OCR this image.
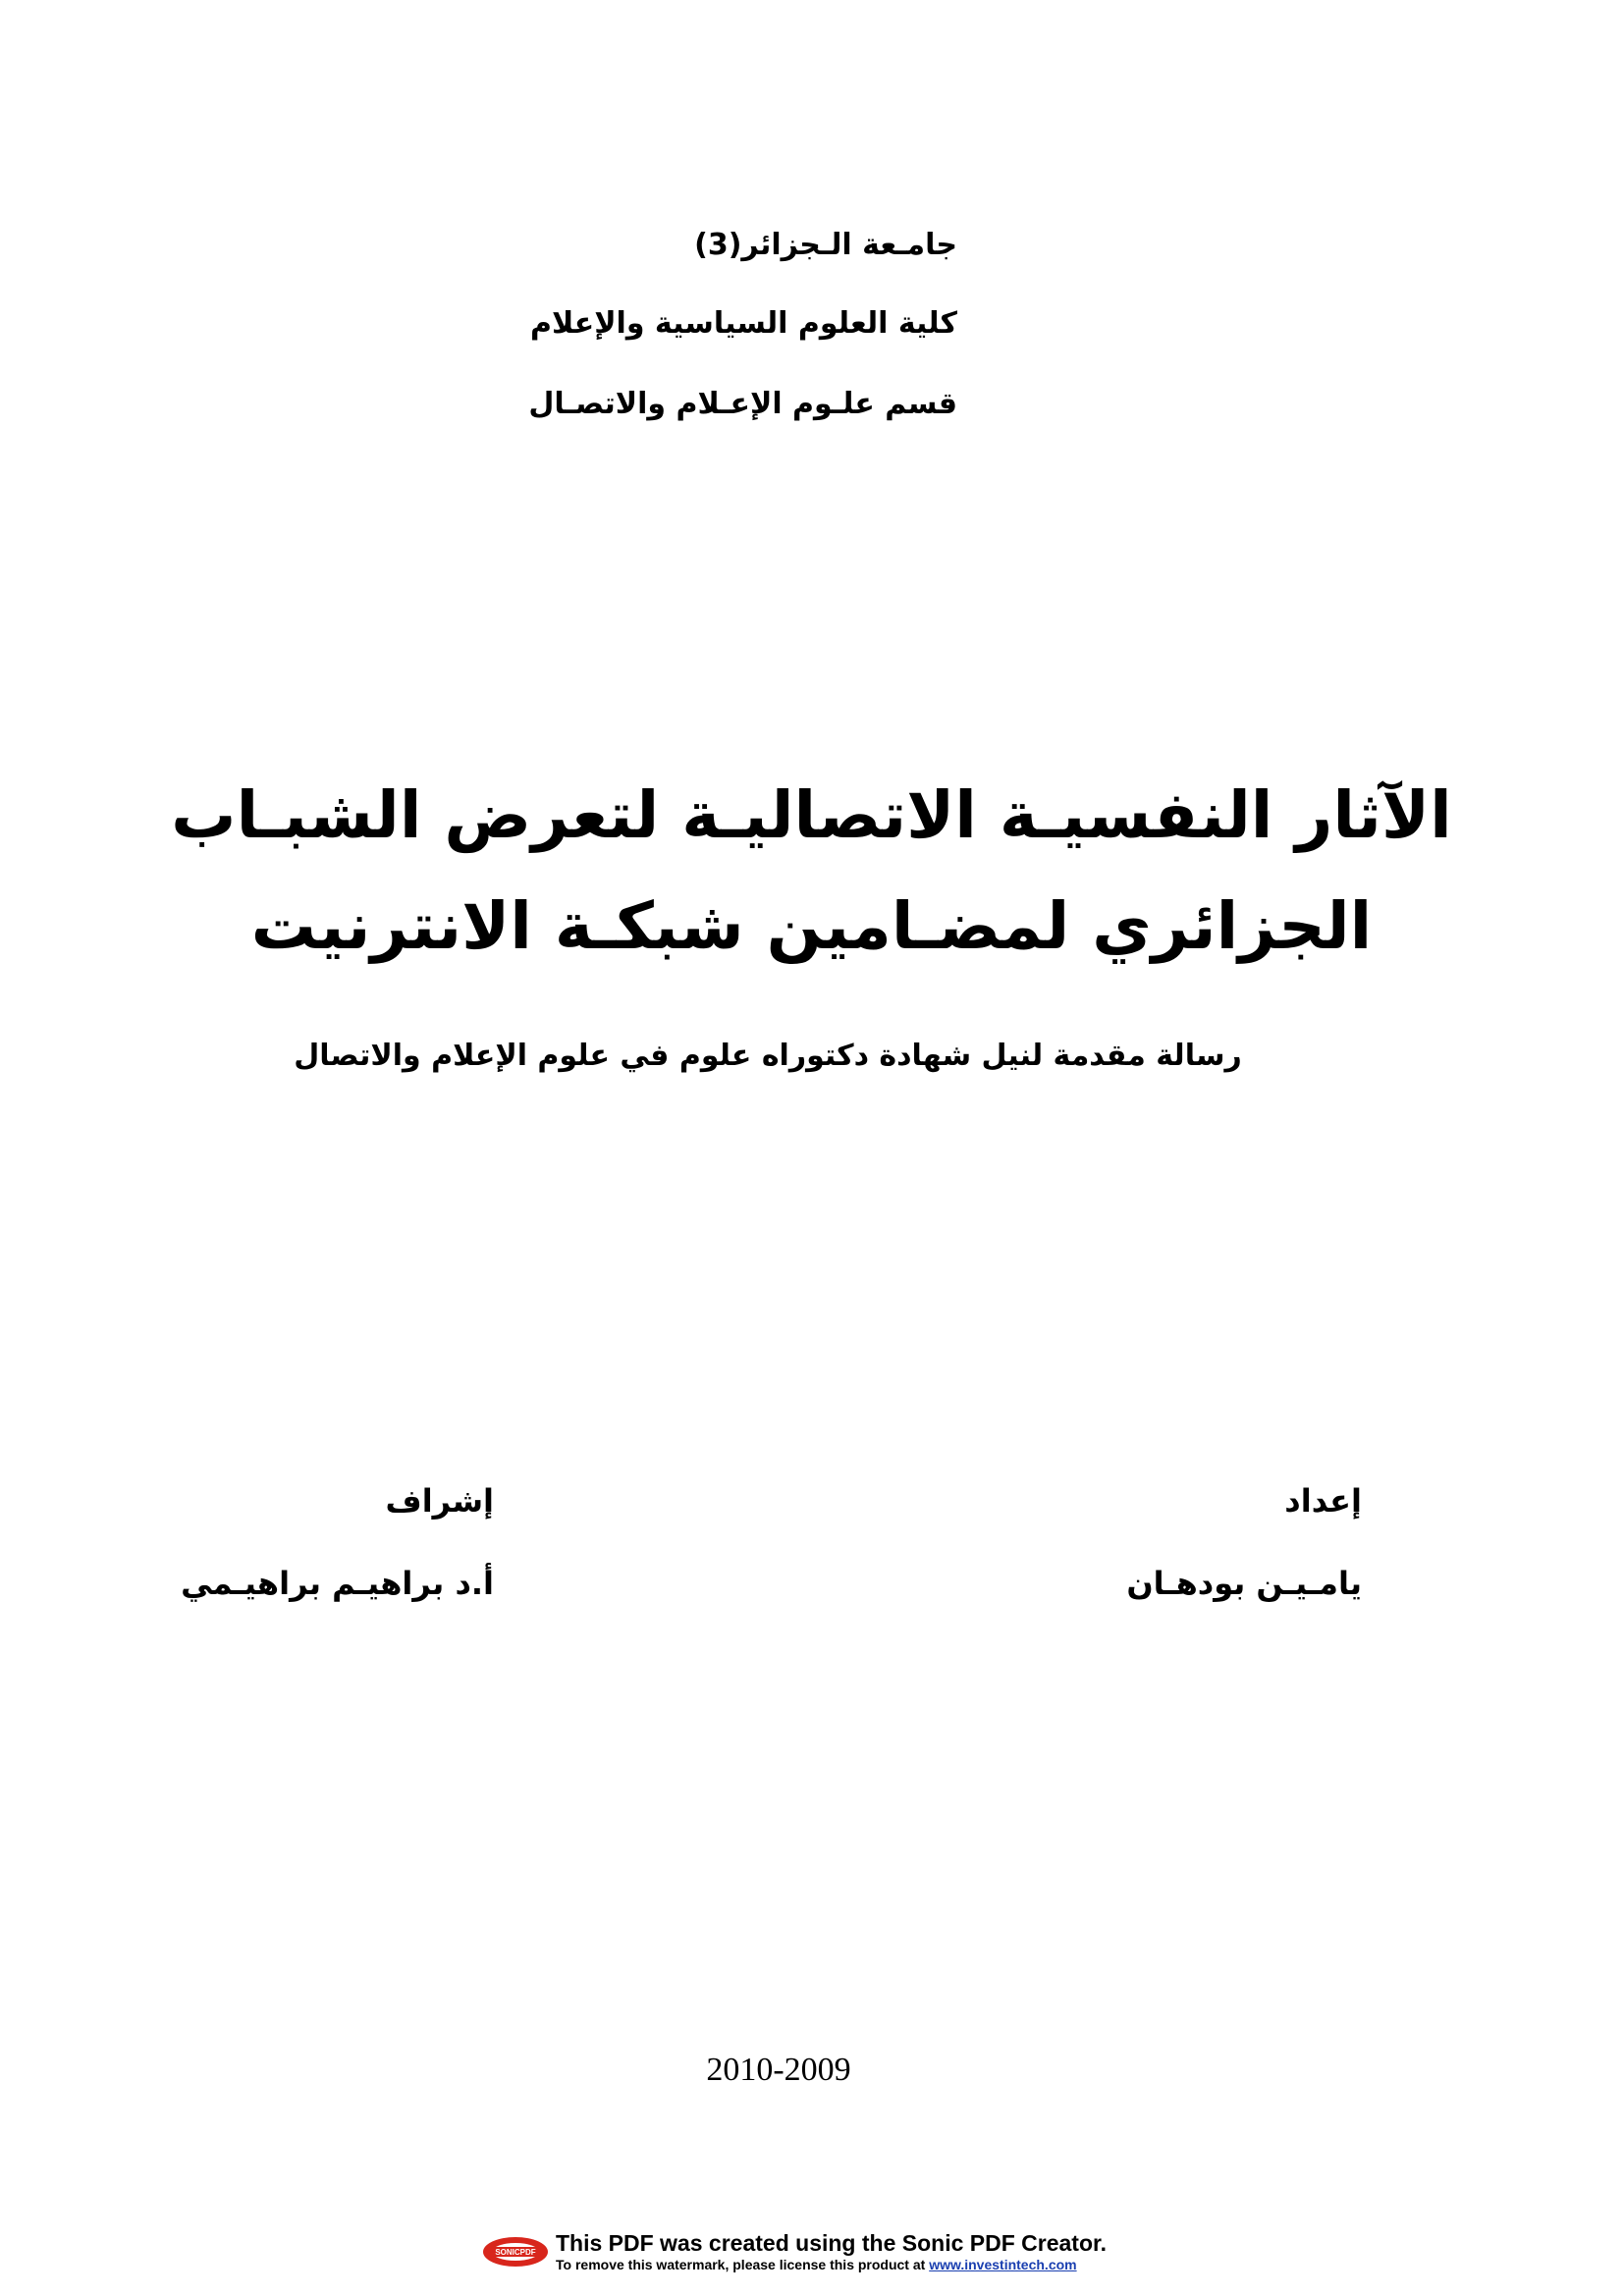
جامـعة الـجزائر(3)
كلية العلوم السياسية والإعلام
قسم علـوم الإعـلام والاتصـال
الآثار النفسيـة الاتصاليـة لتعرض الشبـاب
الجزائري لمضـامين شبكـة الانترنيت
رسالة مقدمة لنيل شهادة دكتوراه علوم في علوم الإعلام والاتصال
إعداد
يامـيـن بودهـان
إشراف
أ.د براهيـم براهيـمي
2010-2009
SONICPDF This PDF was created using the Sonic PDF Creator.
To remove this watermark, please license this product at www.investintech.com
